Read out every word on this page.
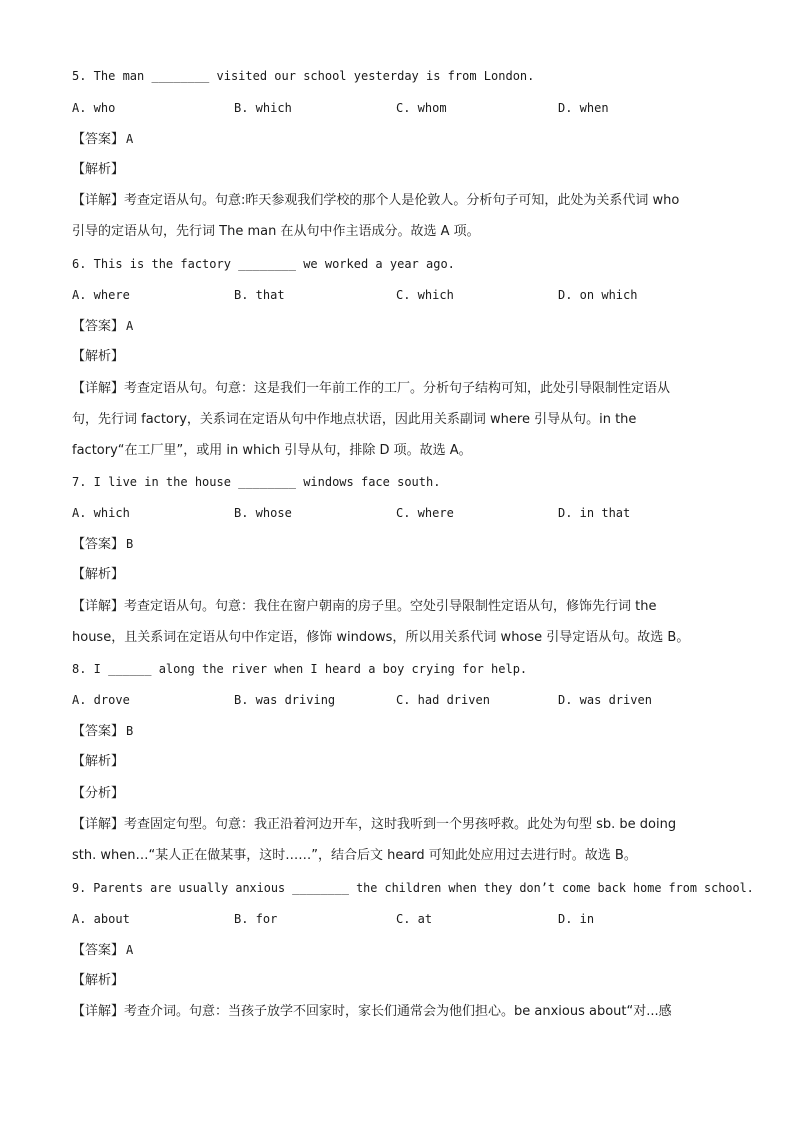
5. The man ________ visited our school yesterday is from London.
A. who	B. which	C. whom	D. when
【答案】 A
【解析】
【详解】考查定语从句。句意:昨天参观我们学校的那个人是伦敦人。分析句子可知，此处为关系代词 who
引导的定语从句，先行词 The man 在从句中作主语成分。故选 A 项。
6. This is the factory ________ we worked a year ago.
A. where	B. that	C. which	D. on which
【答案】 A
【解析】
【详解】考查定语从句。句意：这是我们一年前工作的工厂。分析句子结构可知，此处引导限制性定语从
句，先行词 factory，关系词在定语从句中作地点状语，因此用关系副词 where 引导从句。in the
factory“在工厂里”，或用 in which 引导从句，排除 D 项。故选 A。
7. I live in the house ________ windows face south.
A. which	B. whose	C. where	D. in that
【答案】 B
【解析】
【详解】考查定语从句。句意：我住在窗户朝南的房子里。空处引导限制性定语从句，修饰先行词 the
house，且关系词在定语从句中作定语，修饰 windows，所以用关系代词 whose 引导定语从句。故选 B。
8. I ______ along the river when I heard a boy crying for help.
A. drove	B. was driving	C. had driven	D. was driven
【答案】 B
【解析】
【分析】
【详解】考查固定句型。句意：我正沿着河边开车，这时我听到一个男孩呼救。此处为句型 sb. be doing
sth. when…“某人正在做某事，这时……”，结合后文 heard 可知此处应用过去进行时。故选 B。
9. Parents are usually anxious ________ the children when they don’t come back home from school.
A. about	B. for	C. at	D. in
【答案】 A
【解析】
【详解】考查介词。句意：当孩子放学不回家时，家长们通常会为他们担心。be anxious about“对...感
